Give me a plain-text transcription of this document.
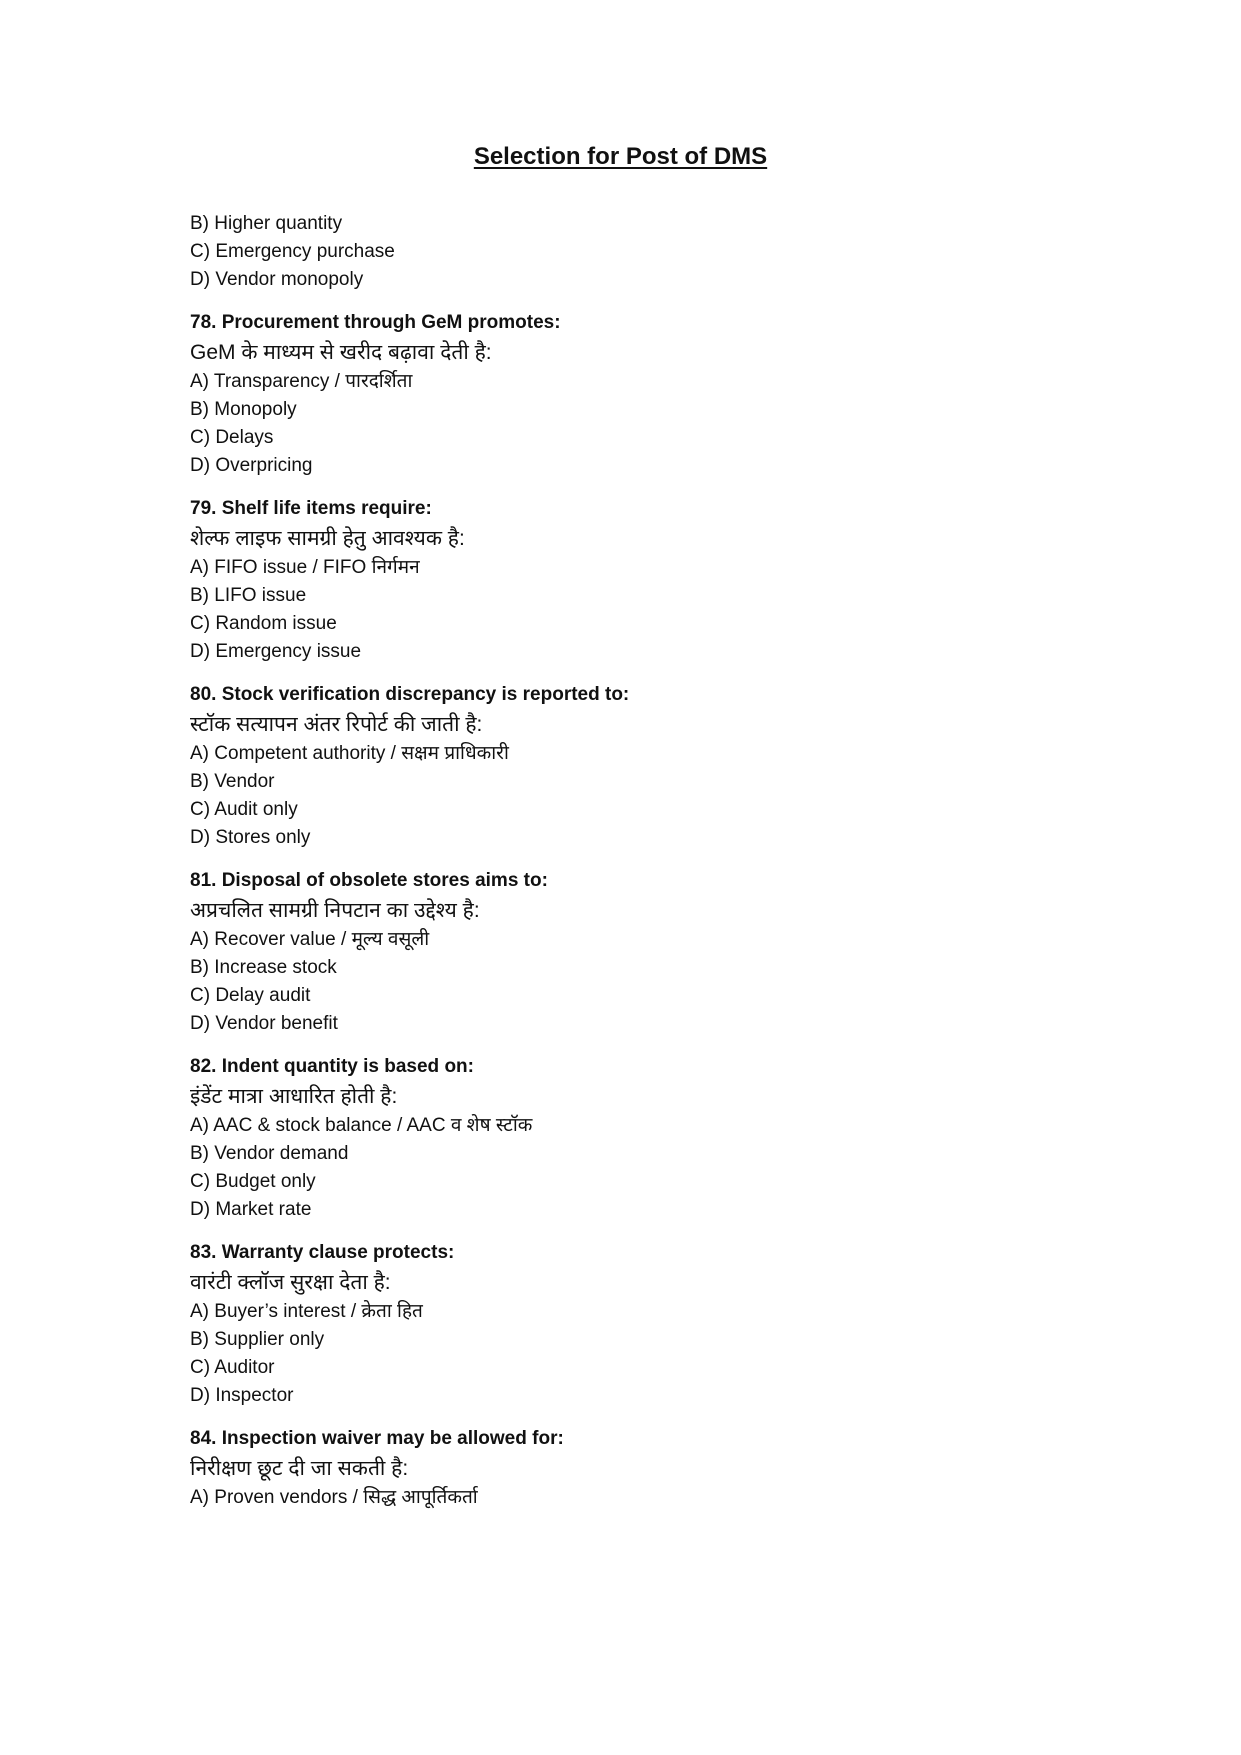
Selection for Post of DMS
B) Higher quantity
C) Emergency purchase
D) Vendor monopoly
78. Procurement through GeM promotes:
GeM के माध्यम से खरीद बढ़ावा देती है:
A) Transparency / पारदर्शिता
B) Monopoly
C) Delays
D) Overpricing
79. Shelf life items require:
शेल्फ लाइफ सामग्री हेतु आवश्यक है:
A) FIFO issue / FIFO निर्गमन
B) LIFO issue
C) Random issue
D) Emergency issue
80. Stock verification discrepancy is reported to:
स्टॉक सत्यापन अंतर रिपोर्ट की जाती है:
A) Competent authority / सक्षम प्राधिकारी
B) Vendor
C) Audit only
D) Stores only
81. Disposal of obsolete stores aims to:
अप्रचलित सामग्री निपटान का उद्देश्य है:
A) Recover value / मूल्य वसूली
B) Increase stock
C) Delay audit
D) Vendor benefit
82. Indent quantity is based on:
इंडेंट मात्रा आधारित होती है:
A) AAC & stock balance / AAC व शेष स्टॉक
B) Vendor demand
C) Budget only
D) Market rate
83. Warranty clause protects:
वारंटी क्लॉज सुरक्षा देता है:
A) Buyer’s interest / क्रेता हित
B) Supplier only
C) Auditor
D) Inspector
84. Inspection waiver may be allowed for:
निरीक्षण छूट दी जा सकती है:
A) Proven vendors / सिद्ध आपूर्तिकर्ता
